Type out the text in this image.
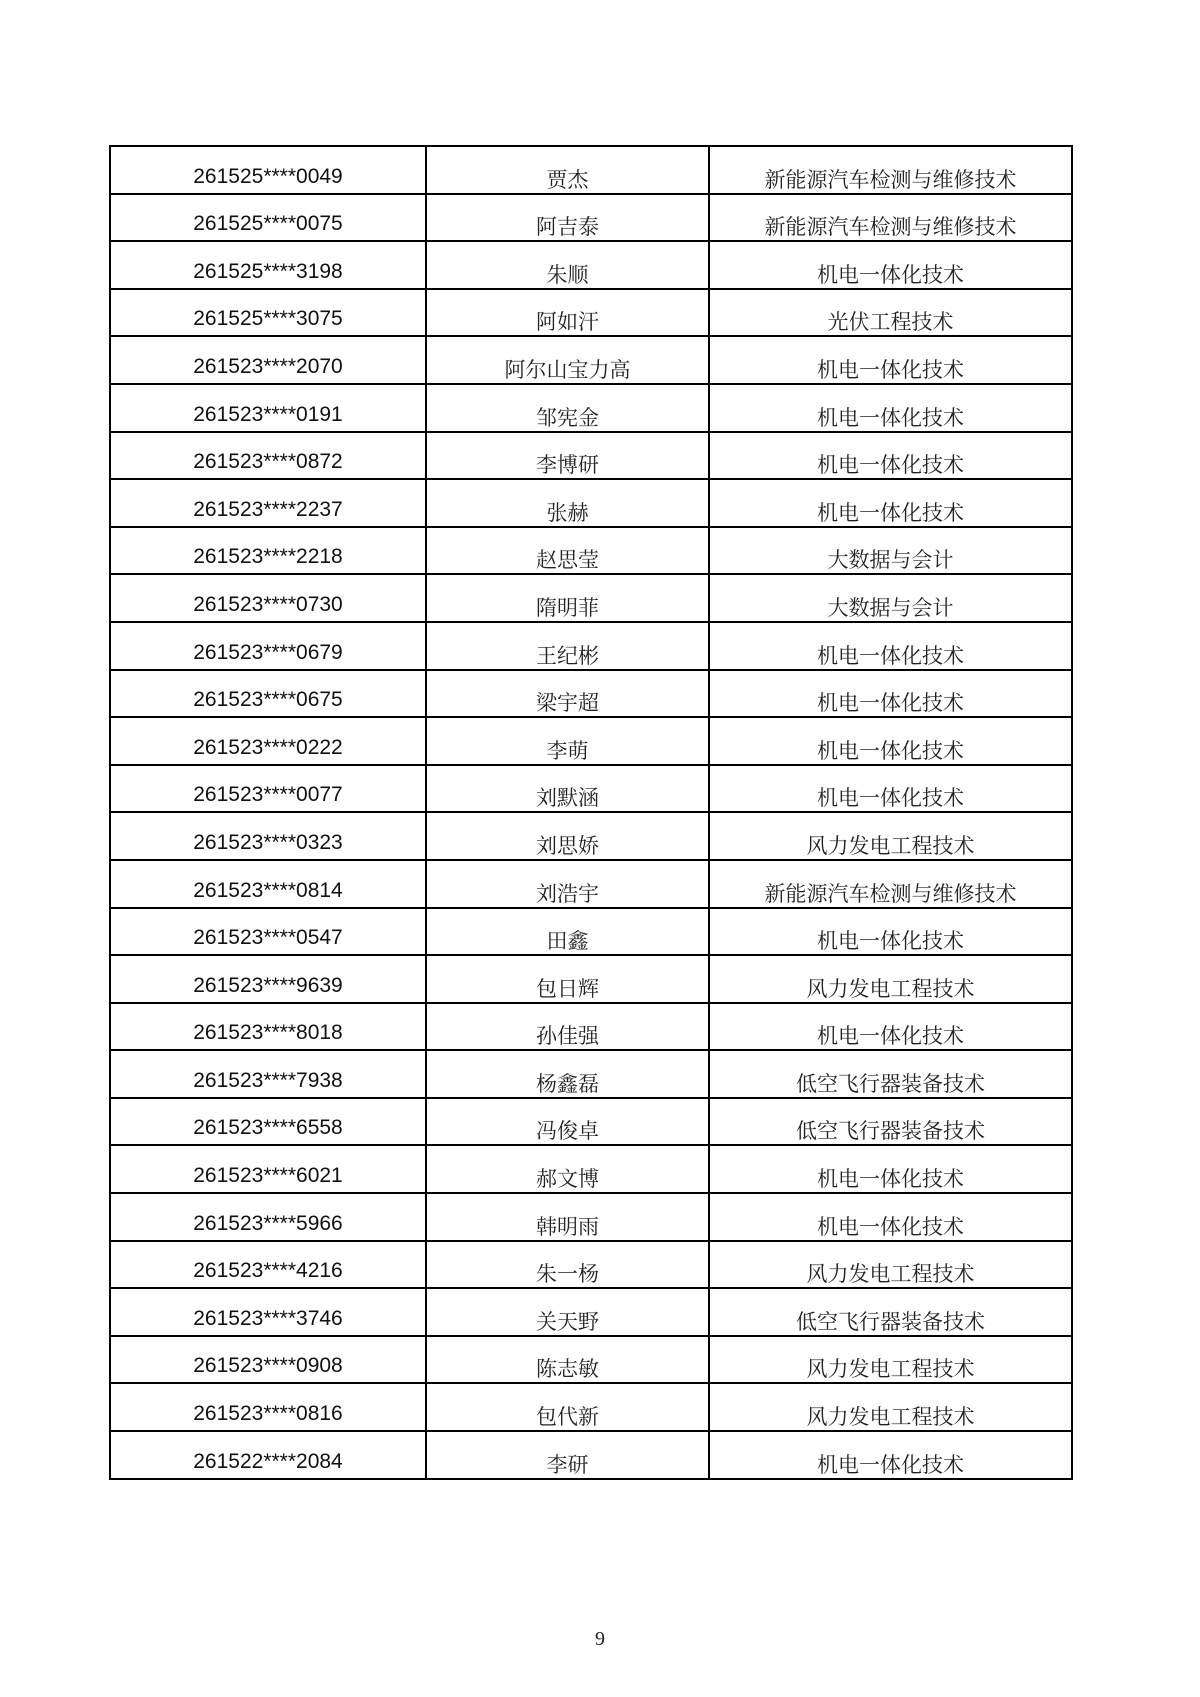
261525****0049	贾杰	新能源汽车检测与维修技术
261525****0075	阿吉泰	新能源汽车检测与维修技术
261525****3198	朱顺	机电一体化技术
261525****3075	阿如汗	光伏工程技术
261523****2070	阿尔山宝力高	机电一体化技术
261523****0191	邹宪金	机电一体化技术
261523****0872	李博研	机电一体化技术
261523****2237	张赫	机电一体化技术
261523****2218	赵思莹	大数据与会计
261523****0730	隋明菲	大数据与会计
261523****0679	王纪彬	机电一体化技术
261523****0675	梁宇超	机电一体化技术
261523****0222	李萌	机电一体化技术
261523****0077	刘默涵	机电一体化技术
261523****0323	刘思娇	风力发电工程技术
261523****0814	刘浩宇	新能源汽车检测与维修技术
261523****0547	田鑫	机电一体化技术
261523****9639	包日辉	风力发电工程技术
261523****8018	孙佳强	机电一体化技术
261523****7938	杨鑫磊	低空飞行器装备技术
261523****6558	冯俊卓	低空飞行器装备技术
261523****6021	郝文博	机电一体化技术
261523****5966	韩明雨	机电一体化技术
261523****4216	朱一杨	风力发电工程技术
261523****3746	关天野	低空飞行器装备技术
261523****0908	陈志敏	风力发电工程技术
261523****0816	包代新	风力发电工程技术
261522****2084	李研	机电一体化技术
9
